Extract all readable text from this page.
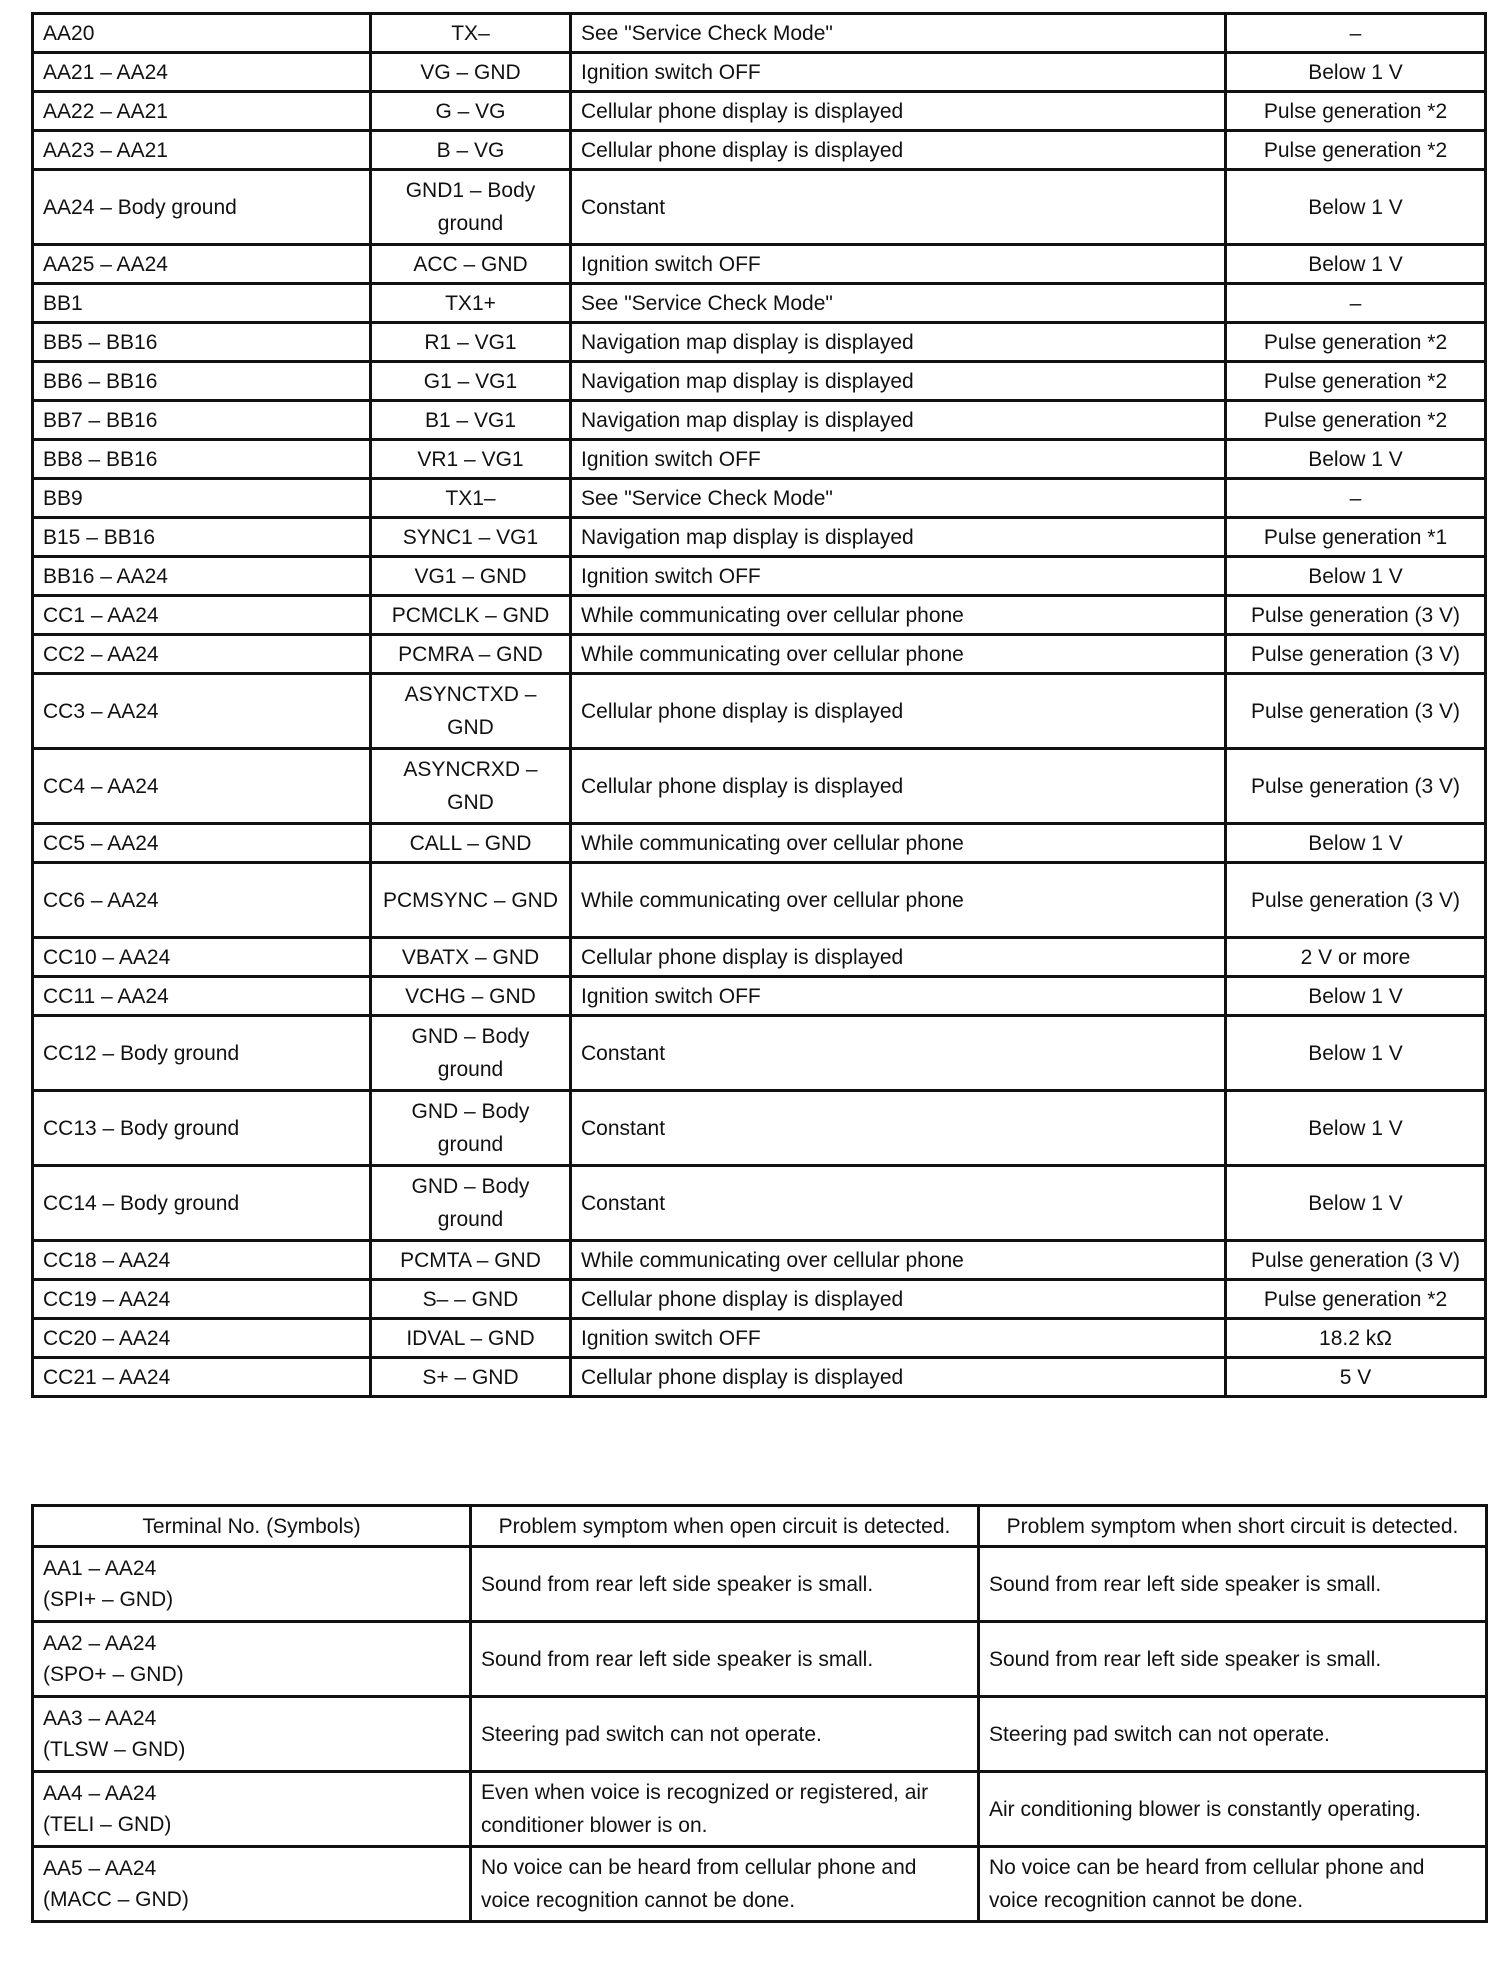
AA20	TX–	See "Service Check Mode"	–
AA21 – AA24	VG – GND	Ignition switch OFF	Below 1 V
AA22 – AA21	G – VG	Cellular phone display is displayed	Pulse generation *2
AA23 – AA21	B – VG	Cellular phone display is displayed	Pulse generation *2
AA24 – Body ground	GND1 – Body ground	Constant	Below 1 V
AA25 – AA24	ACC – GND	Ignition switch OFF	Below 1 V
BB1	TX1+	See "Service Check Mode"	–
BB5 – BB16	R1 – VG1	Navigation map display is displayed	Pulse generation *2
BB6 – BB16	G1 – VG1	Navigation map display is displayed	Pulse generation *2
BB7 – BB16	B1 – VG1	Navigation map display is displayed	Pulse generation *2
BB8 – BB16	VR1 – VG1	Ignition switch OFF	Below 1 V
BB9	TX1–	See "Service Check Mode"	–
B15 – BB16	SYNC1 – VG1	Navigation map display is displayed	Pulse generation *1
BB16 – AA24	VG1 – GND	Ignition switch OFF	Below 1 V
CC1 – AA24	PCMCLK – GND	While communicating over cellular phone	Pulse generation (3 V)
CC2 – AA24	PCMRA – GND	While communicating over cellular phone	Pulse generation (3 V)
CC3 – AA24	ASYNCTXD – GND	Cellular phone display is displayed	Pulse generation (3 V)
CC4 – AA24	ASYNCRXD – GND	Cellular phone display is displayed	Pulse generation (3 V)
CC5 – AA24	CALL – GND	While communicating over cellular phone	Below 1 V
CC6 – AA24	PCMSYNC – GND	While communicating over cellular phone	Pulse generation (3 V)
CC10 – AA24	VBATX – GND	Cellular phone display is displayed	2 V or more
CC11 – AA24	VCHG – GND	Ignition switch OFF	Below 1 V
CC12 – Body ground	GND – Body ground	Constant	Below 1 V
CC13 – Body ground	GND – Body ground	Constant	Below 1 V
CC14 – Body ground	GND – Body ground	Constant	Below 1 V
CC18 – AA24	PCMTA – GND	While communicating over cellular phone	Pulse generation (3 V)
CC19 – AA24	S– – GND	Cellular phone display is displayed	Pulse generation *2
CC20 – AA24	IDVAL – GND	Ignition switch OFF	18.2 kΩ
CC21 – AA24	S+ – GND	Cellular phone display is displayed	5 V
Terminal No. (Symbols)	Problem symptom when open circuit is detected.	Problem symptom when short circuit is detected.

AA1 – AA24
(SPI+ – GND)	Sound from rear left side speaker is small.	Sound from rear left side speaker is small.

AA2 – AA24
(SPO+ – GND)	Sound from rear left side speaker is small.	Sound from rear left side speaker is small.

AA3 – AA24
(TLSW – GND)	Steering pad switch can not operate.	Steering pad switch can not operate.

AA4 – AA24
(TELI – GND)	Even when voice is recognized or registered, air conditioner blower is on.	Air conditioning blower is constantly operating.

AA5 – AA24
(MACC – GND)	No voice can be heard from cellular phone and voice recognition cannot be done.	No voice can be heard from cellular phone and voice recognition cannot be done.
